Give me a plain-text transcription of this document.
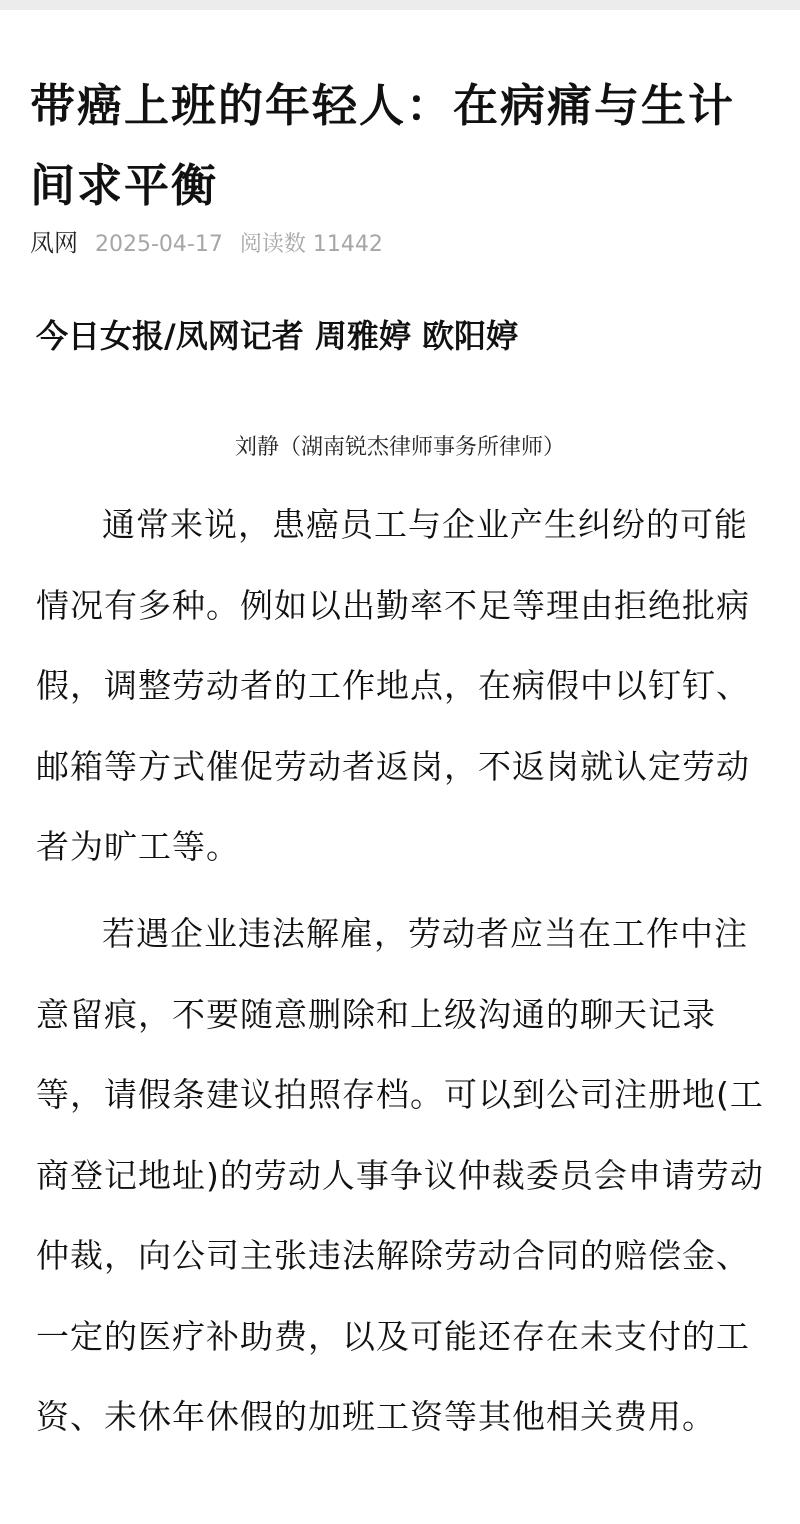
带癌上班的年轻人：在病痛与生计间求平衡
凤网 2025-04-17 阅读数 11442

今日女报/凤网记者 周雅婷 欧阳婷

刘静（湖南锐杰律师事务所律师）

通常来说，患癌员工与企业产生纠纷的可能情况有多种。例如以出勤率不足等理由拒绝批病假，调整劳动者的工作地点，在病假中以钉钉、邮箱等方式催促劳动者返岗，不返岗就认定劳动者为旷工等。

若遇企业违法解雇，劳动者应当在工作中注意留痕，不要随意删除和上级沟通的聊天记录等，请假条建议拍照存档。可以到公司注册地(工商登记地址)的劳动人事争议仲裁委员会申请劳动仲裁，向公司主张违法解除劳动合同的赔偿金、一定的医疗补助费，以及可能还存在未支付的工资、未休年休假的加班工资等其他相关费用。
